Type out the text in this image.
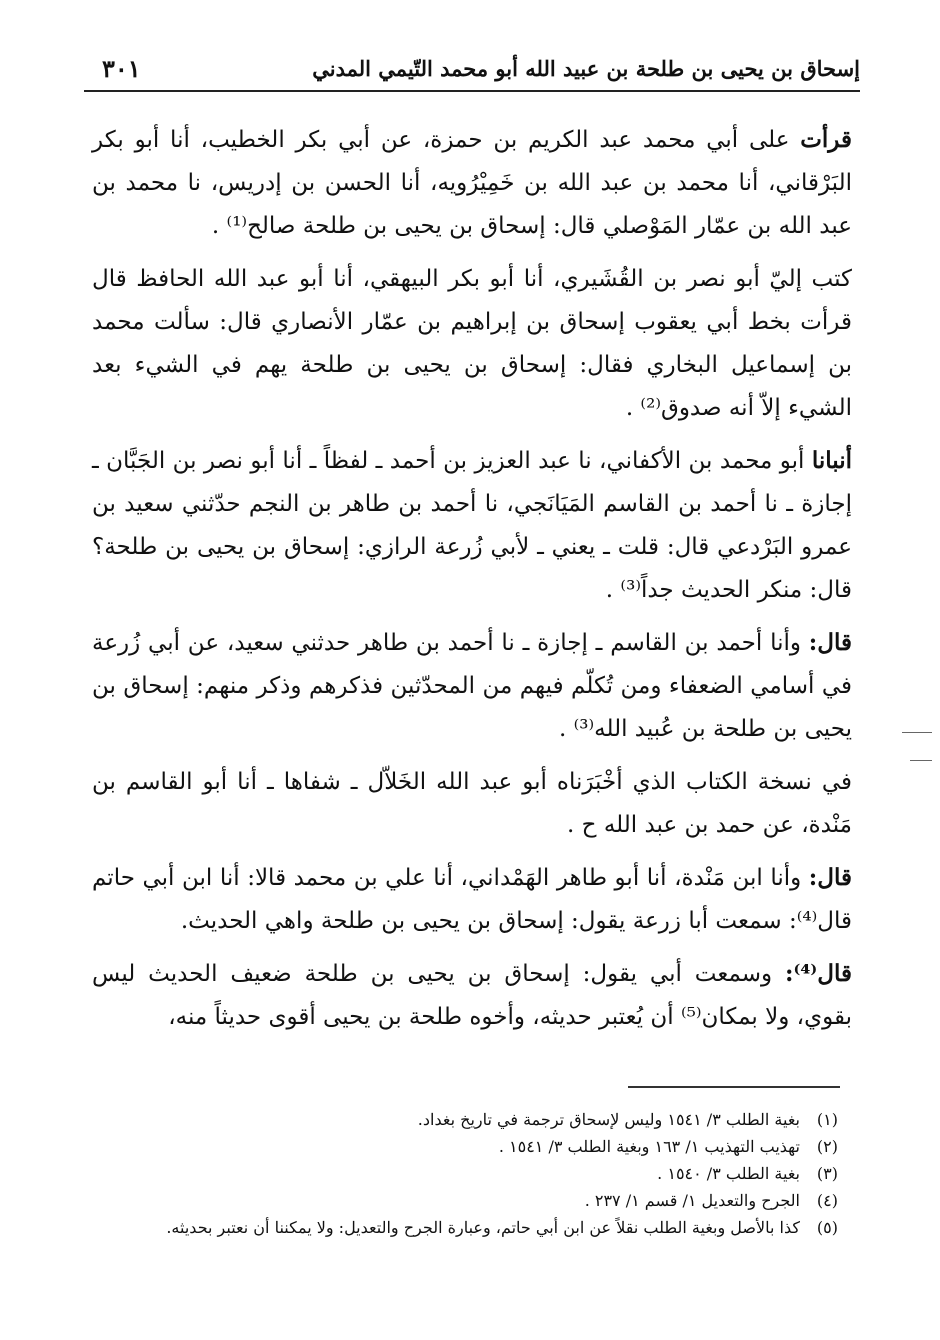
إسحاق بن يحيى بن طلحة بن عبيد الله أبو محمد التّيمي المدني
٣٠١

قرأت على أبي محمد عبد الكريم بن حمزة، عن أبي بكر الخطيب، أنا أبو بكر البَرْقاني، أنا محمد بن عبد الله بن خَمِيْرُويه، أنا الحسن بن إدريس، نا محمد بن عبد الله بن عمّار المَوْصلي قال: إسحاق بن يحيى بن طلحة صالح⁽¹⁾ .

كتب إليّ أبو نصر بن القُشَيري، أنا أبو بكر البيهقي، أنا أبو عبد الله الحافظ قال قرأت بخط أبي يعقوب إسحاق بن إبراهيم بن عمّار الأنصاري قال: سألت محمد بن إسماعيل البخاري فقال: إسحاق بن يحيى بن طلحة يهم في الشيء بعد الشيء إلاّ أنه صدوق⁽²⁾ .

أنبانا أبو محمد بن الأكفاني، نا عبد العزيز بن أحمد ـ لفظاً ـ أنا أبو نصر بن الجَبَّان ـ إجازة ـ نا أحمد بن القاسم المَيَانَجي، نا أحمد بن طاهر بن النجم حدّثني سعيد بن عمرو البَرْدعي قال: قلت ـ يعني ـ لأبي زُرعة الرازي: إسحاق بن يحيى بن طلحة؟ قال: منكر الحديث جداً⁽³⁾ .

قال: وأنا أحمد بن القاسم ـ إجازة ـ نا أحمد بن طاهر حدثني سعيد، عن أبي زُرعة في أسامي الضعفاء ومن تُكلّم فيهم من المحدّثين فذكرهم وذكر منهم: إسحاق بن يحيى بن طلحة بن عُبيد الله⁽³⁾ .

في نسخة الكتاب الذي أخْبَرَناه أبو عبد الله الخَلاّل ـ شفاها ـ أنا أبو القاسم بن مَنْدة، عن حمد بن عبد الله ح .

قال: وأنا ابن مَنْدة، أنا أبو طاهر الهَمْداني، أنا علي بن محمد قالا: أنا ابن أبي حاتم قال⁽⁴⁾: سمعت أبا زرعة يقول: إسحاق بن يحيى بن طلحة واهي الحديث.

قال⁽⁴⁾: وسمعت أبي يقول: إسحاق بن يحيى بن طلحة ضعيف الحديث ليس بقوي، ولا بمكان⁽⁵⁾ أن يُعتبر حديثه، وأخوه طلحة بن يحيى أقوى حديثاً منه،

(١)بغية الطلب ٣/ ١٥٤١ وليس لإسحاق ترجمة في تاريخ بغداد.
(٢)تهذيب التهذيب ١/ ١٦٣ وبغية الطلب ٣/ ١٥٤١ .
(٣)بغية الطلب ٣/ ١٥٤٠ .
(٤)الجرح والتعديل ١/ قسم ١/ ٢٣٧ .
(٥)كذا بالأصل وبغية الطلب نقلاً عن ابن أبي حاتم، وعبارة الجرح والتعديل: ولا يمكننا أن نعتبر بحديثه.
